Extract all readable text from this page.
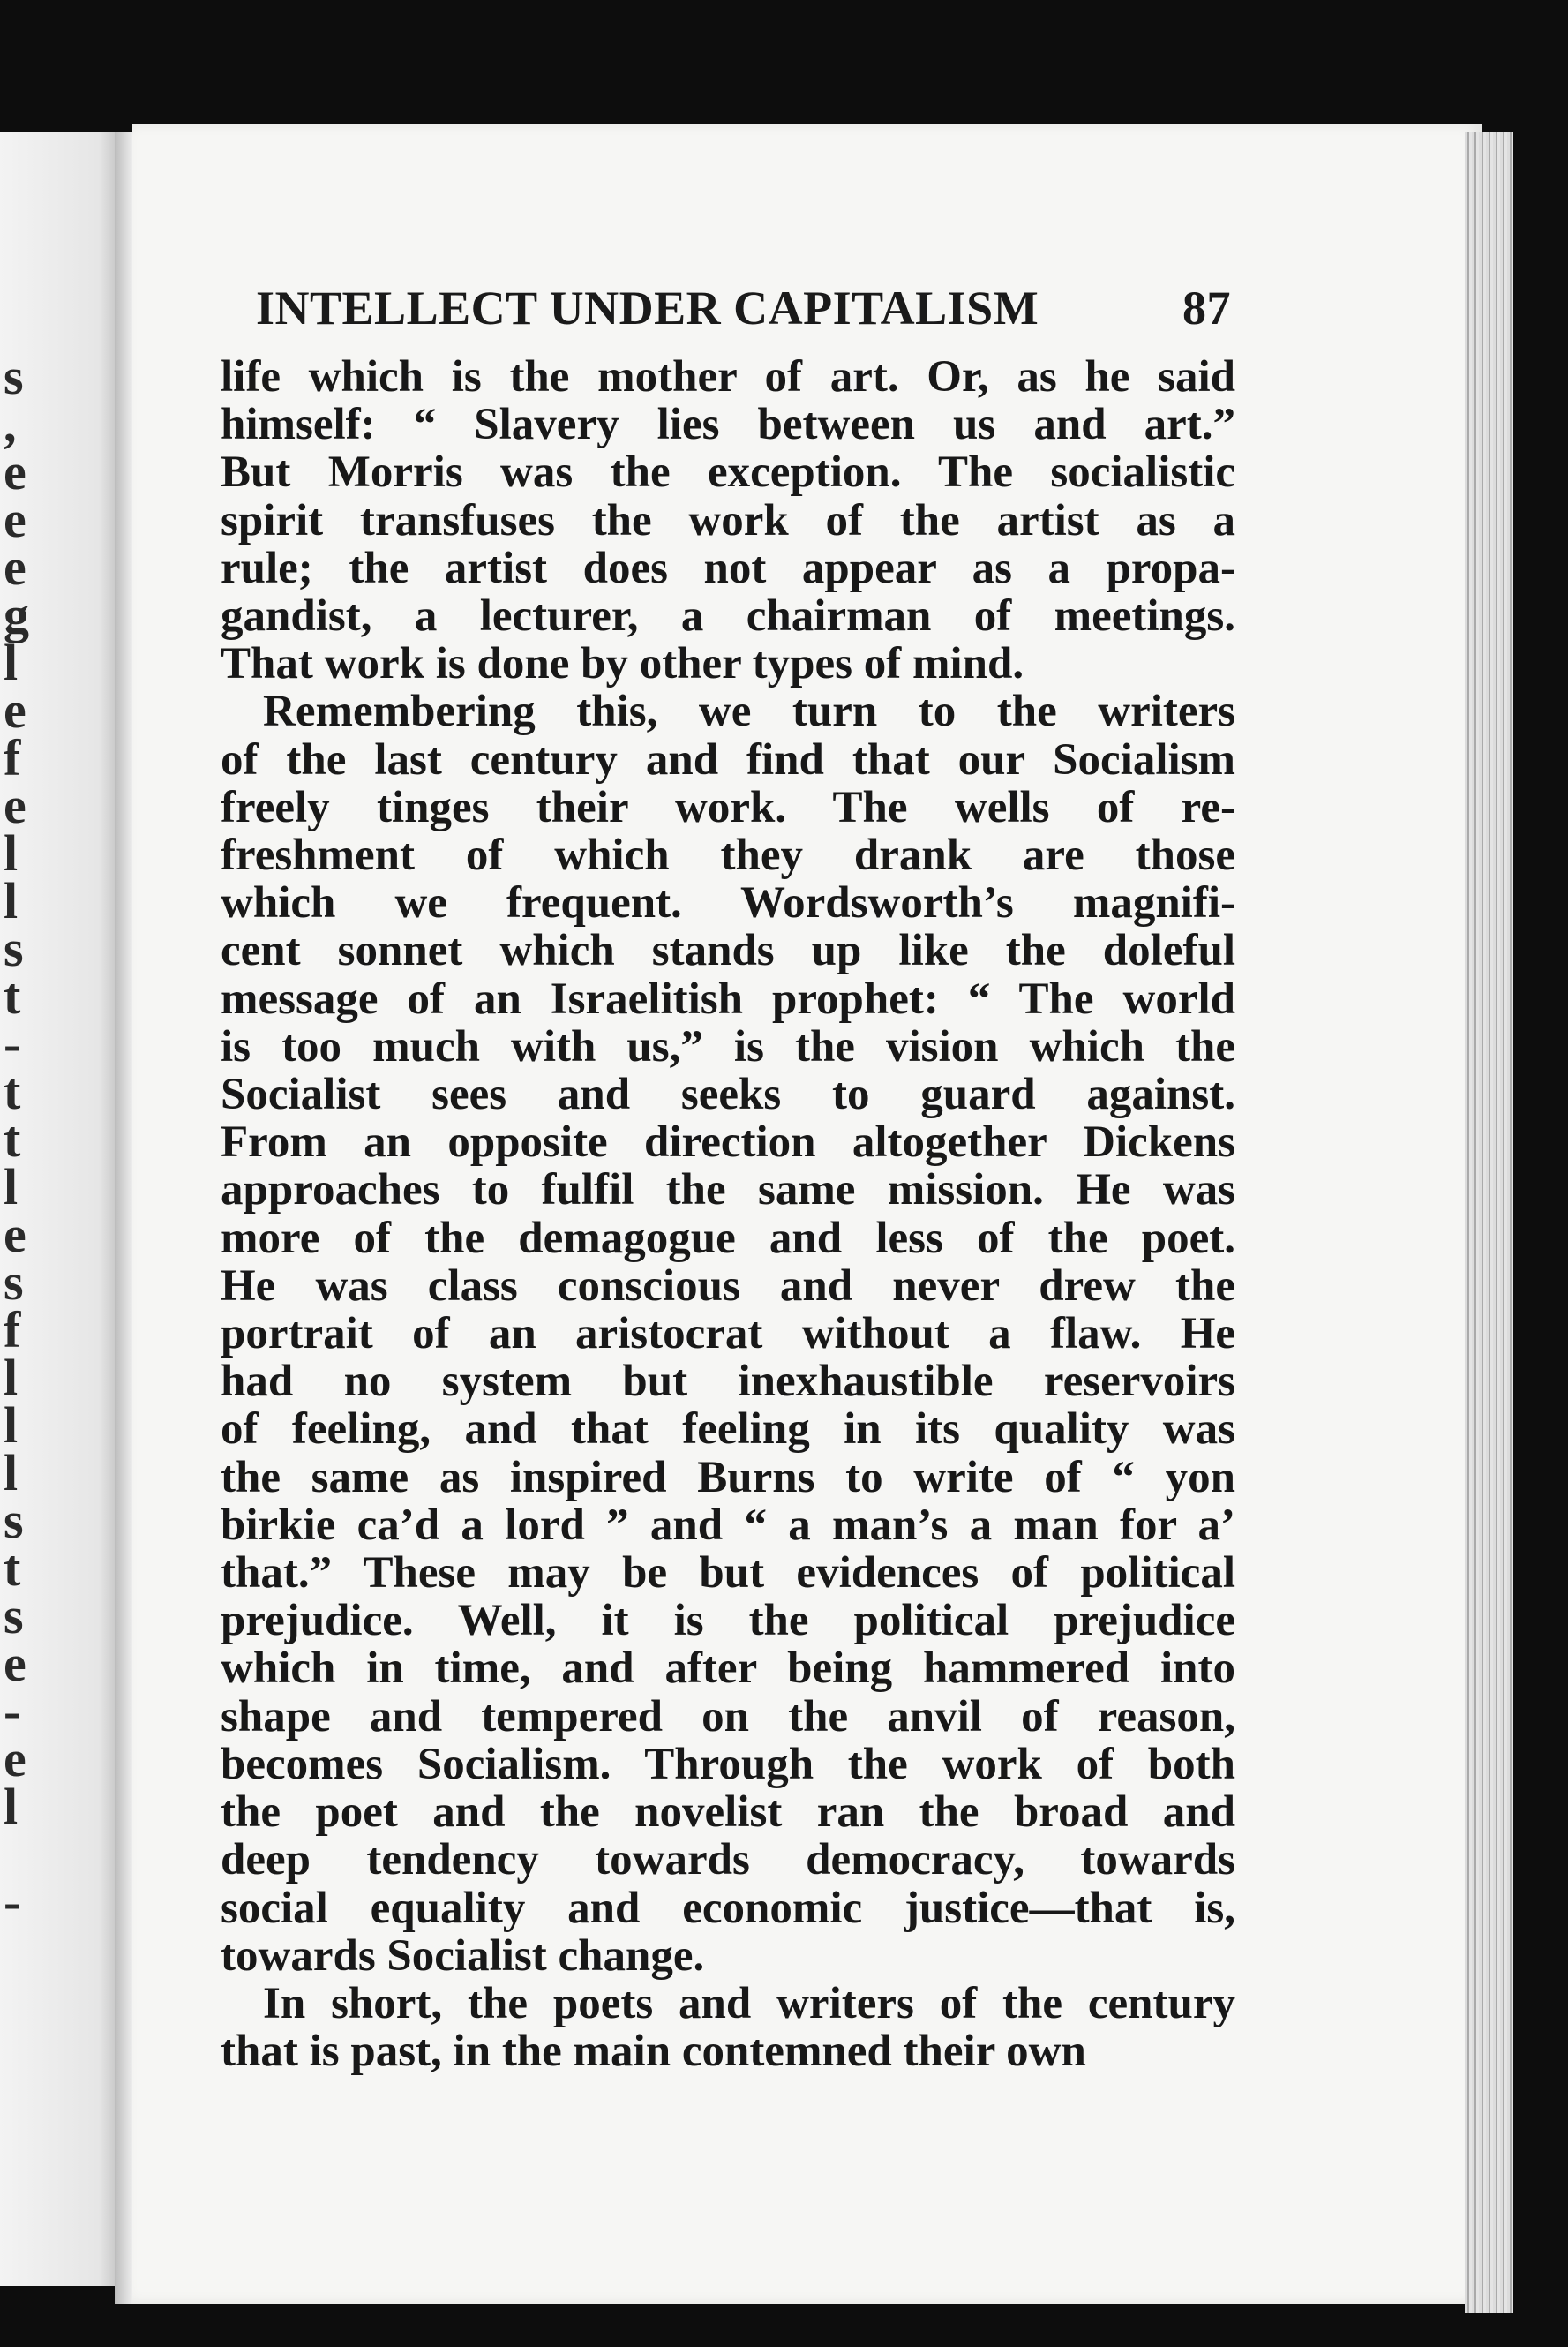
s
,
e
e
e
g
l
e
f
e
l
l
s
t
-
t
t
l
e
s
f
l
l
l
s
t
s
e
-
e
l

-
INTELLECT UNDER CAPITALISM	87
life which is the mother of art. Or, as he said
himself: “ Slavery lies between us and art.”
But Morris was the exception. The socialistic
spirit transfuses the work of the artist as a
rule; the artist does not appear as a propa-
gandist, a lecturer, a chairman of meetings.
That work is done by other types of mind.
Remembering this, we turn to the writers
of the last century and find that our Socialism
freely tinges their work. The wells of re-
freshment of which they drank are those
which we frequent. Wordsworth’s magnifi-
cent sonnet which stands up like the doleful
message of an Israelitish prophet: “ The world
is too much with us,” is the vision which the
Socialist sees and seeks to guard against.
From an opposite direction altogether Dickens
approaches to fulfil the same mission. He was
more of the demagogue and less of the poet.
He was class conscious and never drew the
portrait of an aristocrat without a flaw. He
had no system but inexhaustible reservoirs
of feeling, and that feeling in its quality was
the same as inspired Burns to write of “ yon
birkie ca’d a lord ” and “ a man’s a man for a’
that.” These may be but evidences of political
prejudice. Well, it is the political prejudice
which in time, and after being hammered into
shape and tempered on the anvil of reason,
becomes Socialism. Through the work of both
the poet and the novelist ran the broad and
deep tendency towards democracy, towards
social equality and economic justice—that is,
towards Socialist change.
In short, the poets and writers of the century
that is past, in the main contemned their own
